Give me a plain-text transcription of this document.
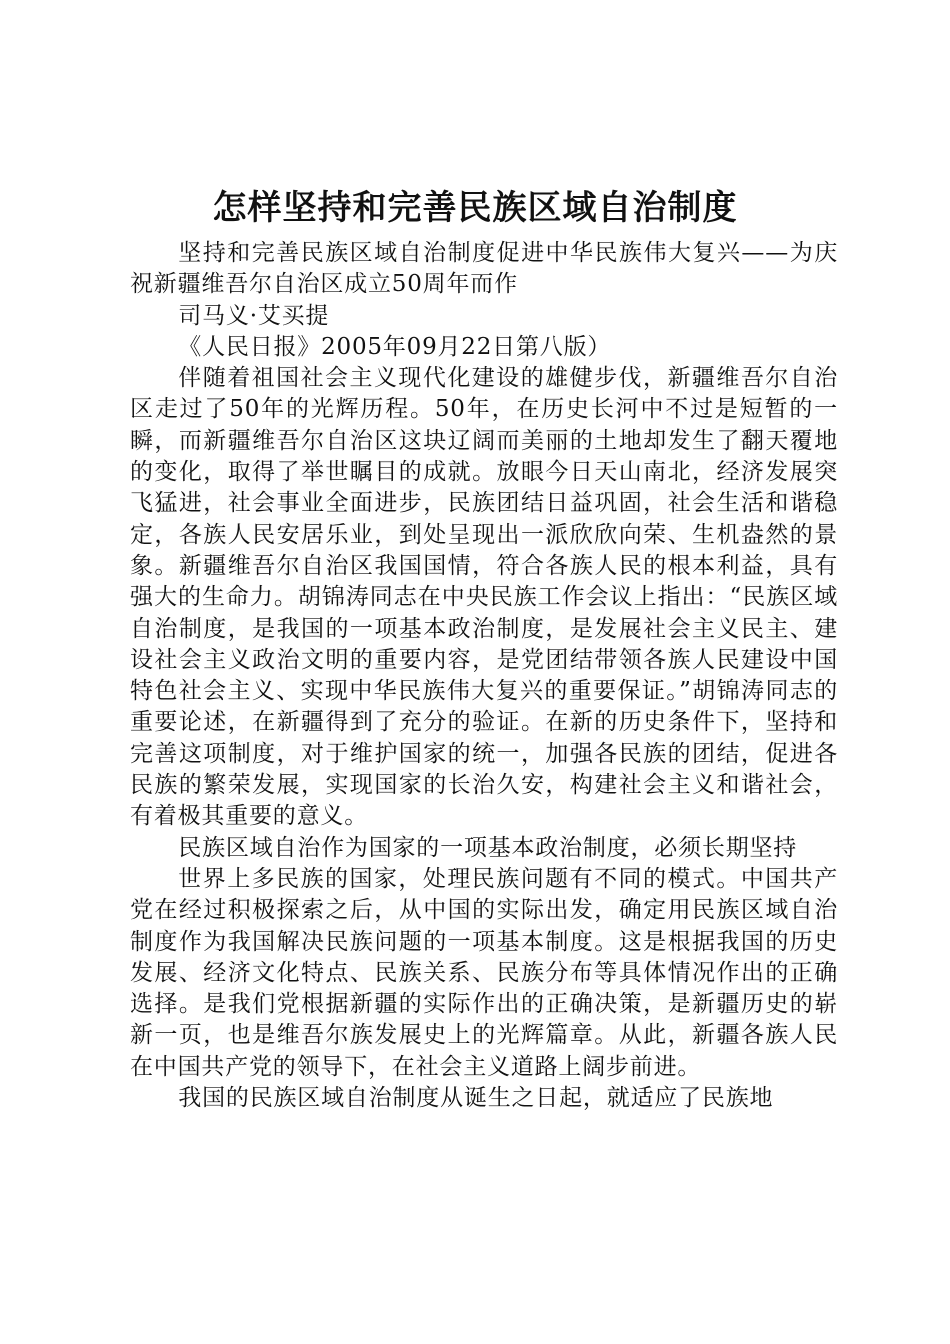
怎样坚持和完善民族区域自治制度

坚持和完善民族区域自治制度促进中华民族伟大复兴——为庆祝新疆维吾尔自治区成立50周年而作

司马义·艾买提

《人民日报》2005年09月22日第八版）

伴随着祖国社会主义现代化建设的雄健步伐，新疆维吾尔自治区走过了50年的光辉历程。50年，在历史长河中不过是短暂的一瞬，而新疆维吾尔自治区这块辽阔而美丽的土地却发生了翻天覆地的变化，取得了举世瞩目的成就。放眼今日天山南北，经济发展突飞猛进，社会事业全面进步，民族团结日益巩固，社会生活和谐稳定，各族人民安居乐业，到处呈现出一派欣欣向荣、生机盎然的景象。新疆维吾尔自治区我国国情，符合各族人民的根本利益，具有强大的生命力。胡锦涛同志在中央民族工作会议上指出：“民族区域自治制度，是我国的一项基本政治制度，是发展社会主义民主、建设社会主义政治文明的重要内容，是党团结带领各族人民建设中国特色社会主义、实现中华民族伟大复兴的重要保证。”胡锦涛同志的重要论述，在新疆得到了充分的验证。在新的历史条件下，坚持和完善这项制度，对于维护国家的统一，加强各民族的团结，促进各民族的繁荣发展，实现国家的长治久安，构建社会主义和谐社会，有着极其重要的意义。

民族区域自治作为国家的一项基本政治制度，必须长期坚持

世界上多民族的国家，处理民族问题有不同的模式。中国共产党在经过积极探索之后，从中国的实际出发，确定用民族区域自治制度作为我国解决民族问题的一项基本制度。这是根据我国的历史发展、经济文化特点、民族关系、民族分布等具体情况作出的正确选择。是我们党根据新疆的实际作出的正确决策，是新疆历史的崭新一页，也是维吾尔族发展史上的光辉篇章。从此，新疆各族人民在中国共产党的领导下，在社会主义道路上阔步前进。

我国的民族区域自治制度从诞生之日起，就适应了民族地
